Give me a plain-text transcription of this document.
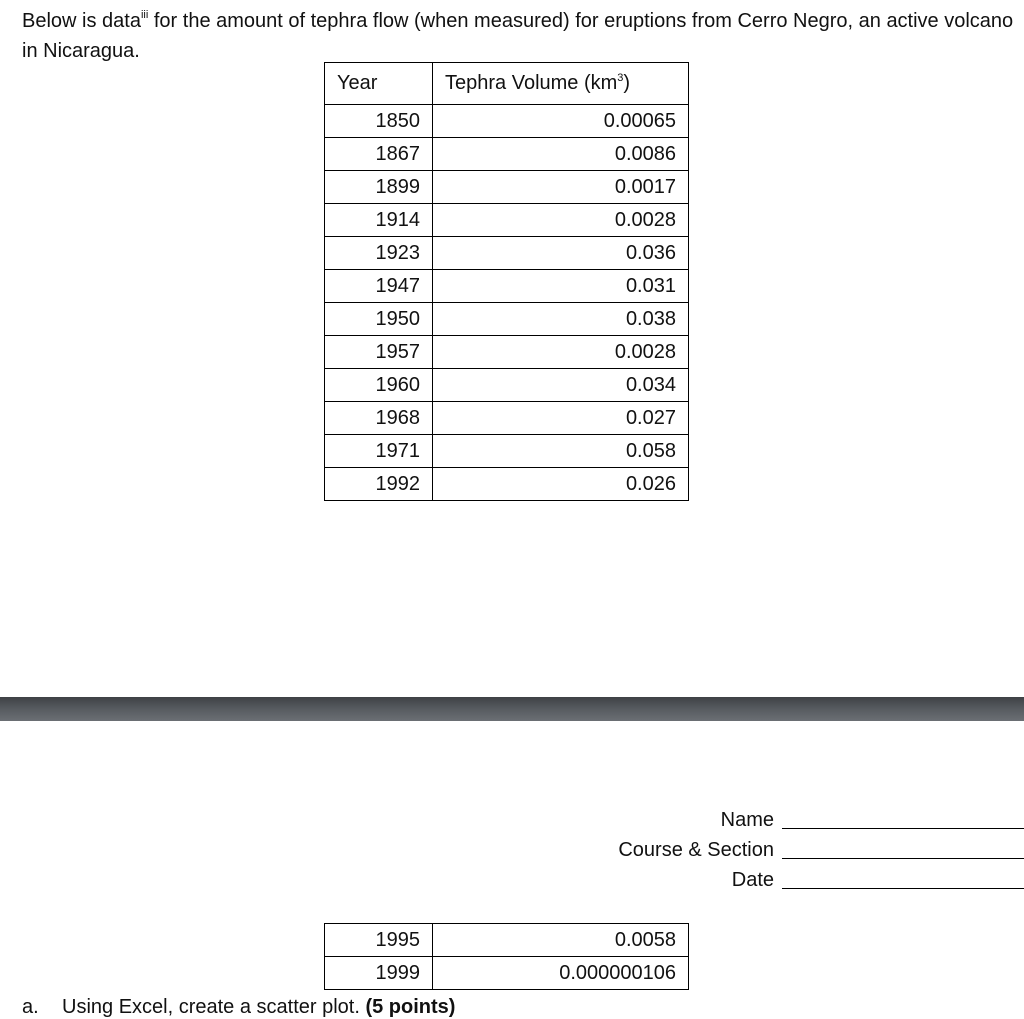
Below is data$^{iii}$ for the amount of tephra flow (when measured) for eruptions from Cerro Negro, an active volcano in Nicaragua.

Year	Tephra Volume $(km^3)$
1850	0.00065
1867	0.0086
1899	0.0017
1914	0.0028
1923	0.036
1947	0.031
1950	0.038
1957	0.0028
1960	0.034
1968	0.027
1971	0.058
1992	0.026
Name
Course & Section
Date
1995	0.0058
1999	0.000000106
a. Using Excel, create a scatter plot. (5 points)
